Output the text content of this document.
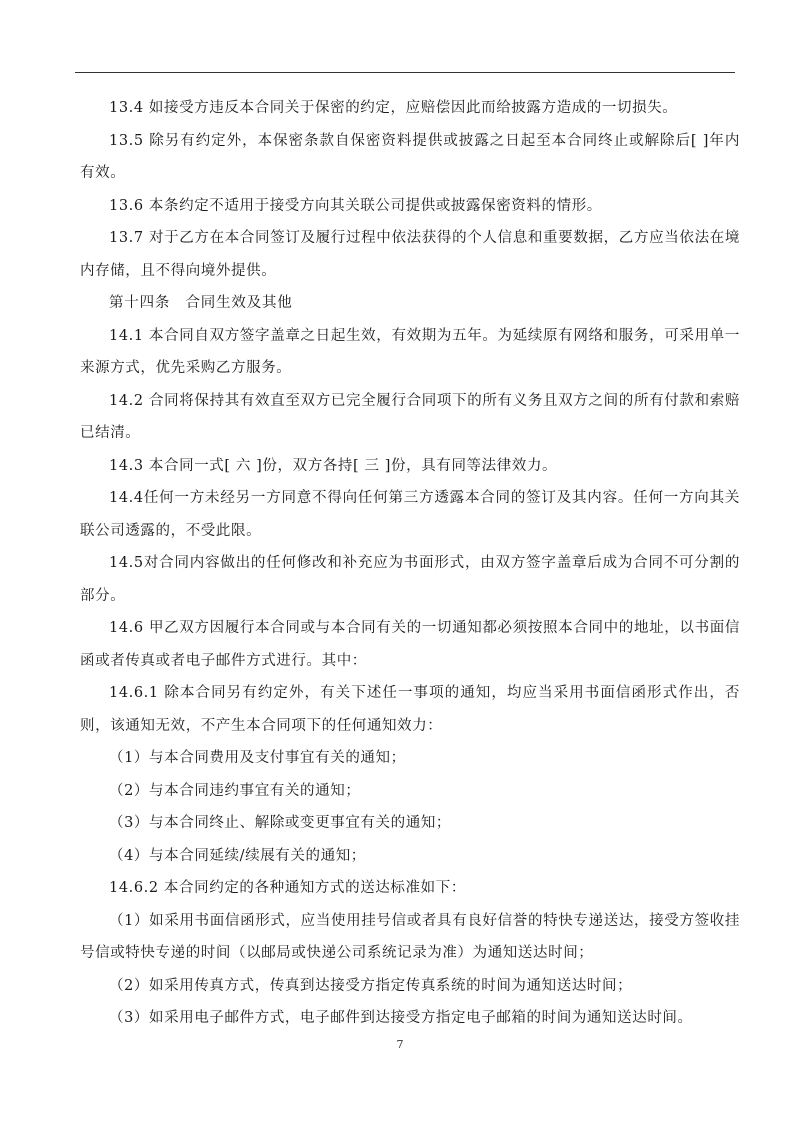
13.4 如接受方违反本合同关于保密的约定，应赔偿因此而给披露方造成的一切损失。

13.5 除另有约定外，本保密条款自保密资料提供或披露之日起至本合同终止或解除后[ ]年内有效。

13.6 本条约定不适用于接受方向其关联公司提供或披露保密资料的情形。

13.7 对于乙方在本合同签订及履行过程中依法获得的个人信息和重要数据，乙方应当依法在境内存储，且不得向境外提供。

第十四条　合同生效及其他

14.1 本合同自双方签字盖章之日起生效，有效期为五年。为延续原有网络和服务，可采用单一来源方式，优先采购乙方服务。

14.2 合同将保持其有效直至双方已完全履行合同项下的所有义务且双方之间的所有付款和索赔已结清。

14.3 本合同一式[ 六 ]份，双方各持[ 三 ]份，具有同等法律效力。

14.4任何一方未经另一方同意不得向任何第三方透露本合同的签订及其内容。任何一方向其关联公司透露的，不受此限。

14.5对合同内容做出的任何修改和补充应为书面形式，由双方签字盖章后成为合同不可分割的部分。

14.6 甲乙双方因履行本合同或与本合同有关的一切通知都必须按照本合同中的地址，以书面信函或者传真或者电子邮件方式进行。其中：

14.6.1 除本合同另有约定外，有关下述任一事项的通知，均应当采用书面信函形式作出，否则，该通知无效，不产生本合同项下的任何通知效力：

（1）与本合同费用及支付事宜有关的通知；

（2）与本合同违约事宜有关的通知；

（3）与本合同终止、解除或变更事宜有关的通知；

（4）与本合同延续/续展有关的通知；

14.6.2 本合同约定的各种通知方式的送达标准如下：

（1）如采用书面信函形式，应当使用挂号信或者具有良好信誉的特快专递送达，接受方签收挂号信或特快专递的时间（以邮局或快递公司系统记录为准）为通知送达时间；

（2）如采用传真方式，传真到达接受方指定传真系统的时间为通知送达时间；

（3）如采用电子邮件方式，电子邮件到达接受方指定电子邮箱的时间为通知送达时间。

7
